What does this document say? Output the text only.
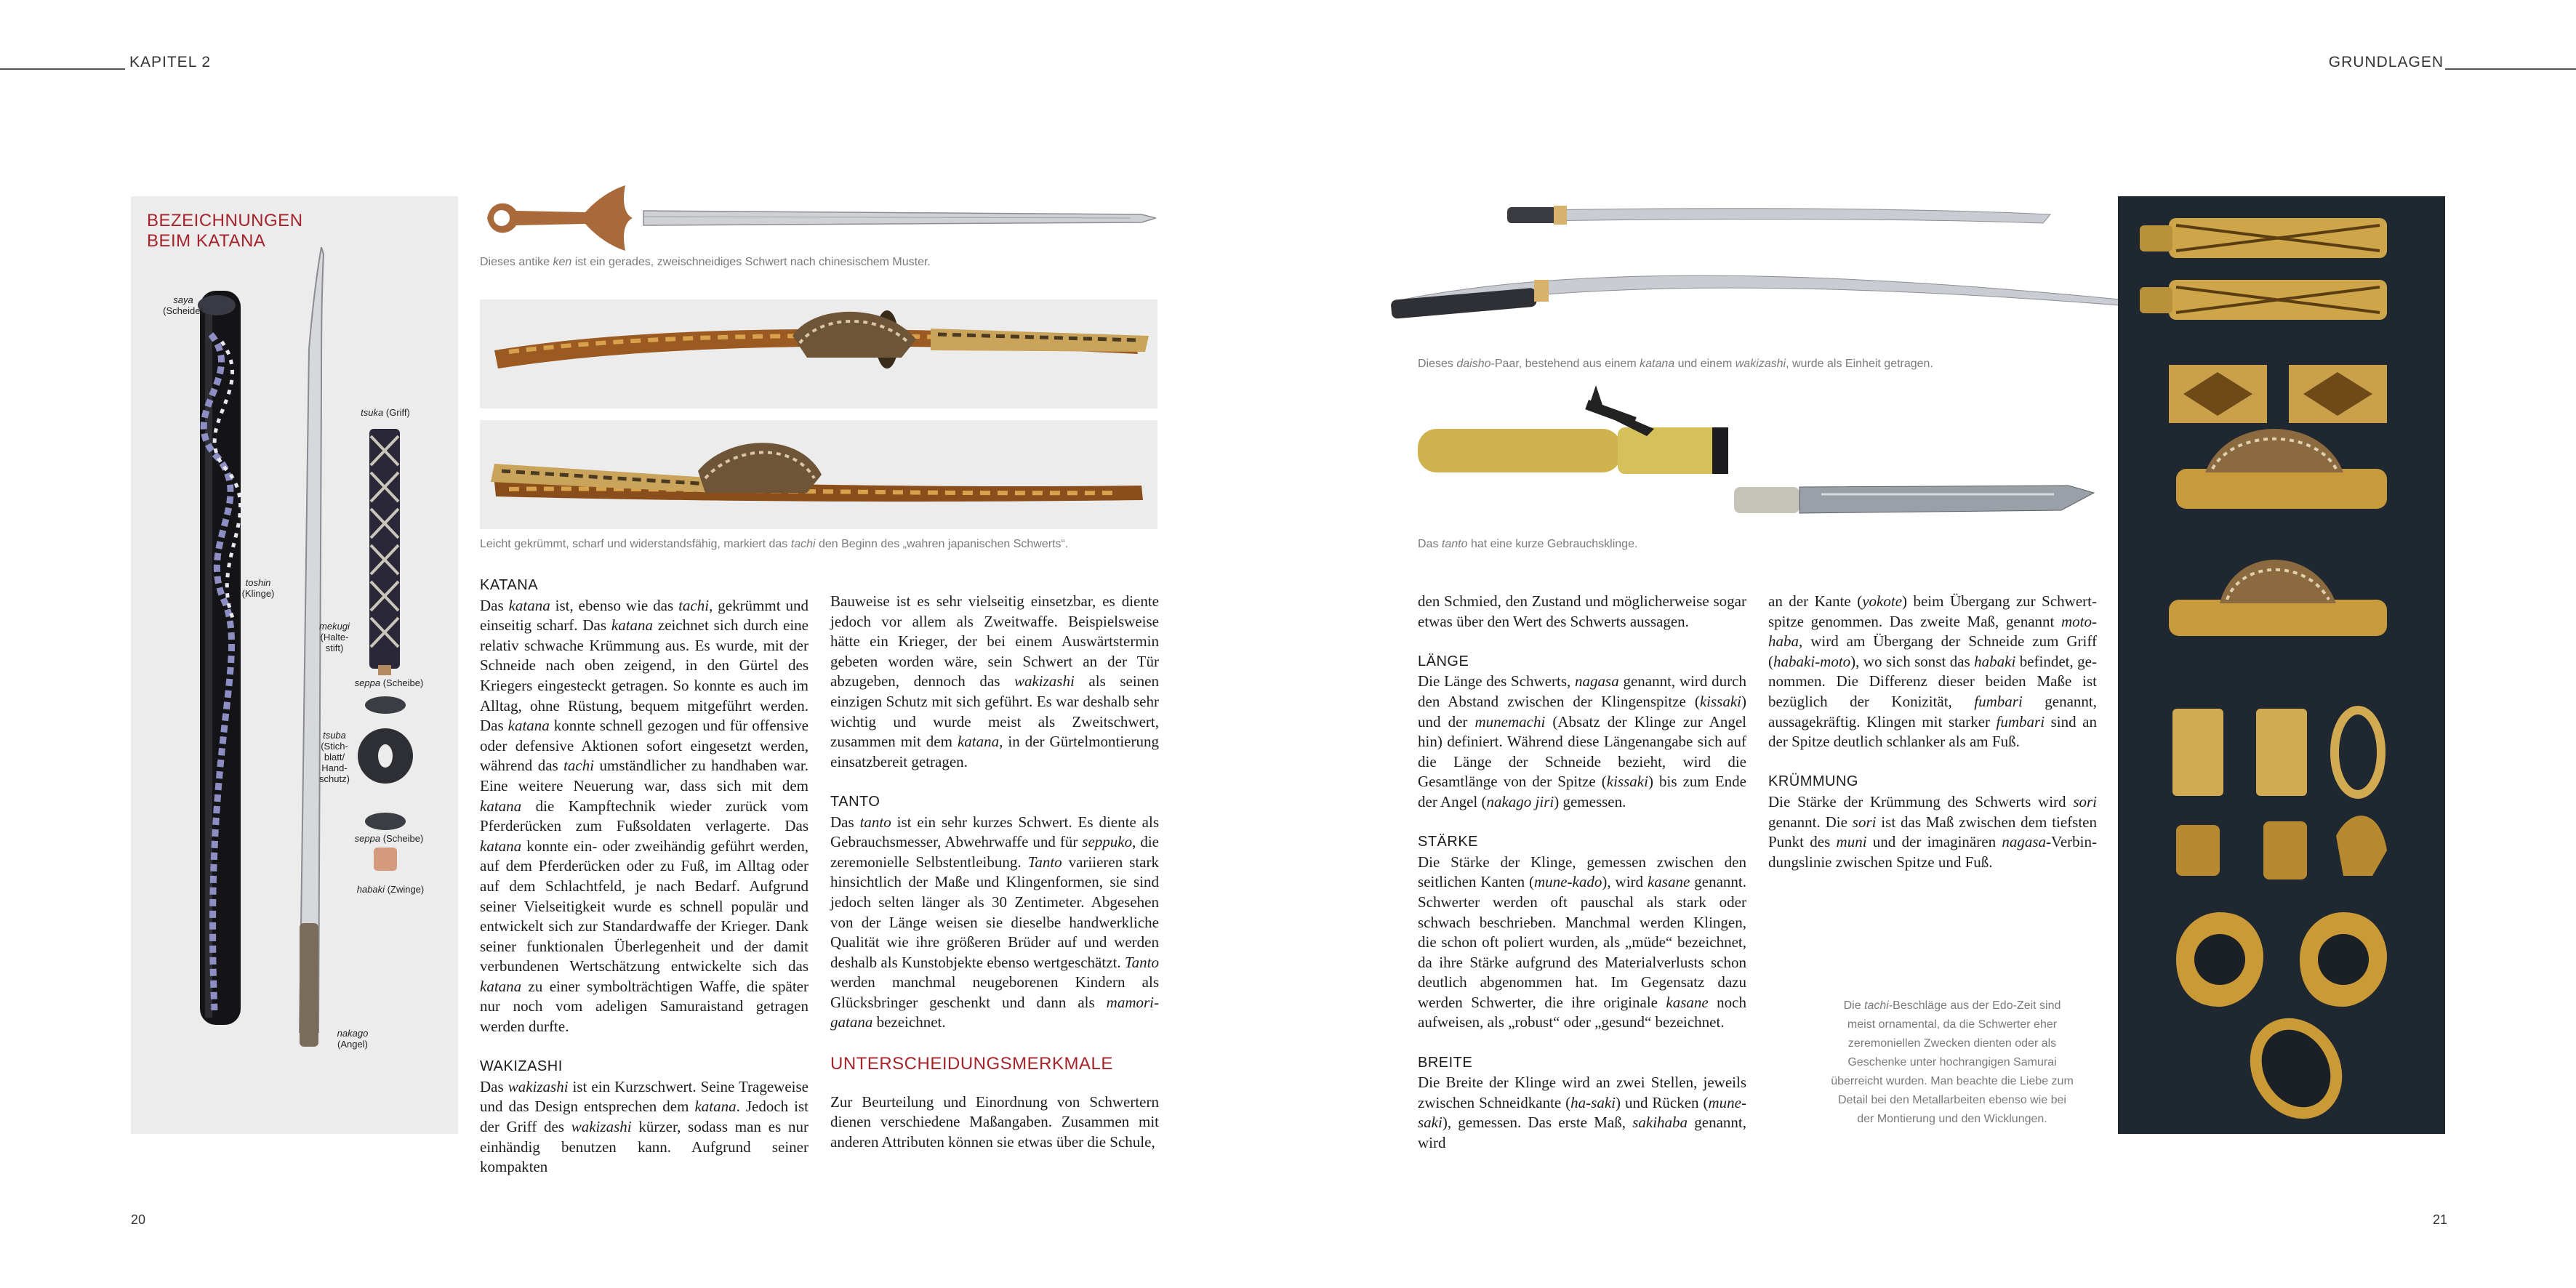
KAPITEL 2	GRUNDLAGEN
BEZEICHNUNGEN
BEIM KATANA
saya
(Scheide)
toshin
(Klinge)
tsuka (Griff)
mekugi
(Halte-
stift)
seppa (Scheibe)
tsuba
(Stich-
blatt/
Hand-
schutz)
seppa (Scheibe)
habaki (Zwinge)
nakago
(Angel)
Dieses antike ken ist ein gerades, zweischneidiges Schwert nach chinesischem Muster.
Leicht gekrümmt, scharf und widerstandsfähig, markiert das tachi den Beginn des „wahren japanischen Schwerts“.
Dieses daisho-Paar, bestehend aus einem katana und einem wakizashi, wurde als Einheit getragen.
Das tanto hat eine kurze Gebrauchsklinge.
Die tachi-Beschläge aus der Edo-Zeit sind
meist ornamental, da die Schwerter eher
zeremoniellen Zwecken dienten oder als
Geschenke unter hochrangigen Samurai
überreicht wurden. Man beachte die Liebe zum
Detail bei den Metallarbeiten ebenso wie bei
der Montierung und den Wicklungen.
KATANA

Das katana ist, ebenso wie das tachi, gekrümmt und einseitig scharf. Das katana zeichnet sich durch eine relativ schwache Krümmung aus. Es wurde, mit der Schneide nach oben zeigend, in den Gürtel des Kriegers eingesteckt getragen. So konnte es auch im Alltag, ohne Rüstung, bequem mitgeführt werden. Das katana konnte schnell gezogen und für offensive oder defensive Aktionen sofort eingesetzt werden, während das tachi umständlicher zu handhaben war. Eine weitere Neuerung war, dass sich mit dem katana die Kampftechnik wieder zurück vom Pferderücken zum Fußsoldaten verlagerte. Das katana konnte ein- oder zweihändig geführt werden, auf dem Pferderücken oder zu Fuß, im Alltag oder auf dem Schlachtfeld, je nach Bedarf. Aufgrund seiner Vielseitigkeit wurde es schnell populär und entwickelt sich zur Standardwaffe der Krieger. Dank seiner funktionalen Überlegenheit und der damit verbundenen Wertschätzung entwickelte sich das katana zu einer symbolträchtigen Waffe, die später nur noch vom adeligen Samuraistand getragen werden durfte.

WAKIZASHI

Das wakizashi ist ein Kurzschwert. Seine Trageweise und das Design entsprechen dem katana. Jedoch ist der Griff des wakizashi kürzer, sodass man es nur einhändig benutzen kann. Aufgrund seiner kompakten

Bauweise ist es sehr vielseitig einsetzbar, es diente jedoch vor allem als Zweitwaffe. Beispielsweise hätte ein Krieger, der bei einem Auswärtstermin gebeten worden wäre, sein Schwert an der Tür abzugeben, dennoch das wakizashi als seinen einzigen Schutz mit sich geführt. Es war deshalb sehr wichtig und wurde meist als Zweitschwert, zusammen mit dem katana, in der Gürtelmontierung einsatzbereit getragen.

TANTO

Das tanto ist ein sehr kurzes Schwert. Es diente als Gebrauchsmesser, Abwehrwaffe und für seppuko, die zeremonielle Selbstentleibung. Tanto variieren stark hinsichtlich der Maße und Klingenformen, sie sind jedoch selten länger als 30 Zentimeter. Abgesehen von der Länge weisen sie dieselbe handwerkliche Qualität wie ihre größeren Brüder auf und werden deshalb als Kunstobjekte ebenso wertgeschätzt. Tanto werden manchmal neugeborenen Kindern als Glücksbringer geschenkt und dann als mamori-gatana bezeichnet.

UNTERSCHEIDUNGSMERKMALE

Zur Beurteilung und Einordnung von Schwertern dienen verschiedene Maßangaben. Zusammen mit anderen Attributen können sie etwas über die Schule,

den Schmied, den Zustand und möglicherweise sogar etwas über den Wert des Schwerts aussagen.

LÄNGE

Die Länge des Schwerts, nagasa genannt, wird durch den Abstand zwischen der Klingenspitze (kissaki) und der munemachi (Absatz der Klinge zur Angel hin) definiert. Während diese Längenangabe sich auf die Länge der Schneide bezieht, wird die Gesamtlänge von der Spitze (kissaki) bis zum Ende der Angel (nakago jiri) gemessen.

STÄRKE

Die Stärke der Klinge, gemessen zwischen den seitlichen Kanten (mune-kado), wird kasane genannt. Schwerter werden oft pauschal als stark oder schwach beschrieben. Manchmal werden Klingen, die schon oft poliert wurden, als „müde“ bezeichnet, da ihre Stärke aufgrund des Materialverlusts schon deutlich abgenommen hat. Im Gegensatz dazu werden Schwerter, die ihre originale kasane noch aufweisen, als „robust“ oder „gesund“ bezeichnet.

BREITE

Die Breite der Klinge wird an zwei Stellen, jeweils zwischen Schneidkante (ha-saki) und Rücken (munesaki), gemessen. Das erste Maß, sakihaba genannt, wird

an der Kante (yokote) beim Übergang zur Schwertspitze genommen. Das zweite Maß, genannt motohaba, wird am Übergang der Schneide zum Griff (habaki-moto), wo sich sonst das habaki befindet, genommen. Die Differenz dieser beiden Maße ist bezüglich der Konizität, fumbari genannt, aussagekräftig. Klingen mit starker fumbari sind an der Spitze deutlich schlanker als am Fuß.

KRÜMMUNG

Die Stärke der Krümmung des Schwerts wird sori genannt. Die sori ist das Maß zwischen dem tiefsten Punkt des muni und der imaginären nagasa-Verbindungslinie zwischen Spitze und Fuß.

20	21
